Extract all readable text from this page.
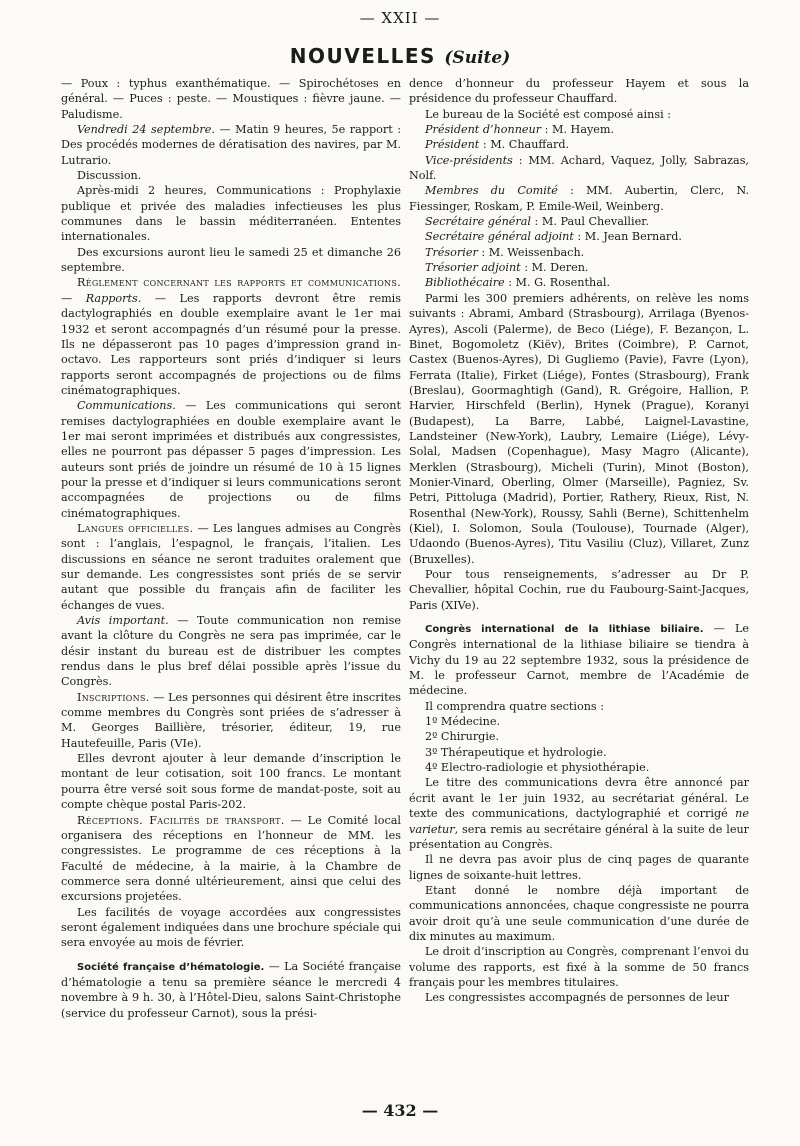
— XXII —
NOUVELLES (Suite)

— Poux : typhus exanthématique. — Spirochétoses en général. — Puces : peste. — Moustiques : fièvre jaune. — Paludisme.

Vendredi 24 septembre. — Matin 9 heures, 5e rapport : Des procédés modernes de dératisation des navires, par M. Lutrario.

Discussion.

Après-midi 2 heures, Communications : Prophylaxie publique et privée des maladies infectieuses les plus communes dans le bassin méditerranéen. Ententes internationales.

Des excursions auront lieu le samedi 25 et dimanche 26 septembre.

Règlement concernant les rapports et communications. — Rapports. — Les rapports devront être remis dactylographiés en double exemplaire avant le 1er mai 1932 et seront accompagnés d’un résumé pour la presse. Ils ne dépasseront pas 10 pages d’impression grand in-octavo. Les rapporteurs sont priés d’indiquer si leurs rapports seront accompagnés de projections ou de films cinématographiques.

Communications. — Les communications qui seront remises dactylographiées en double exemplaire avant le 1er mai seront imprimées et distribués aux congressistes, elles ne pourront pas dépasser 5 pages d’impression. Les auteurs sont priés de joindre un résumé de 10 à 15 lignes pour la presse et d’indiquer si leurs communications seront accompagnées de projections ou de films cinématographiques.

Langues officielles. — Les langues admises au Congrès sont : l’anglais, l’espagnol, le français, l’italien. Les discussions en séance ne seront traduites oralement que sur demande. Les congressistes sont priés de se servir autant que possible du français afin de faciliter les échanges de vues.

Avis important. — Toute communication non remise avant la clôture du Congrès ne sera pas imprimée, car le désir instant du bureau est de distribuer les comptes rendus dans le plus bref délai possible après l’issue du Congrès.

Inscriptions. — Les personnes qui désirent être inscrites comme membres du Congrès sont priées de s’adresser à M. Georges Baillière, trésorier, éditeur, 19, rue Hautefeuille, Paris (VIe).

Elles devront ajouter à leur demande d’inscription le montant de leur cotisation, soit 100 francs. Le montant pourra être versé soit sous forme de mandat-poste, soit au compte chèque postal Paris-202.

Réceptions. Facilités de transport. — Le Comité local organisera des réceptions en l’honneur de MM. les congressistes. Le programme de ces réceptions à la Faculté de médecine, à la mairie, à la Chambre de commerce sera donné ultérieurement, ainsi que celui des excursions projetées.

Les facilités de voyage accordées aux congressistes seront également indiquées dans une brochure spéciale qui sera envoyée au mois de février.

Société française d’hématologie. — La Société française d’hématologie a tenu sa première séance le mercredi 4 novembre à 9 h. 30, à l’Hôtel-Dieu, salons Saint-Christophe (service du professeur Carnot), sous la prési-

dence d’honneur du professeur Hayem et sous la présidence du professeur Chauffard.

Le bureau de la Société est composé ainsi :

Président d’honneur : M. Hayem.

Président : M. Chauffard.

Vice-présidents : MM. Achard, Vaquez, Jolly, Sabrazas, Nolf.

Membres du Comité : MM. Aubertin, Clerc, N. Fiessinger, Roskam, P. Emile-Weil, Weinberg.

Secrétaire général : M. Paul Chevallier.

Secrétaire général adjoint : M. Jean Bernard.

Trésorier : M. Weissenbach.

Trésorier adjoint : M. Deren.

Bibliothécaire : M. G. Rosenthal.

Parmi les 300 premiers adhérents, on relève les noms suivants : Abrami, Ambard (Strasbourg), Arrilaga (Byenos-Ayres), Ascoli (Palerme), de Beco (Liége), F. Bezançon, L. Binet, Bogomoletz (Kiëv), Brites (Coimbre), P. Carnot, Castex (Buenos-Ayres), Di Gugliemo (Pavie), Favre (Lyon), Ferrata (Italie), Firket (Liége), Fontes (Strasbourg), Frank (Breslau), Goormaghtigh (Gand), R. Grégoire, Hallion, P. Harvier, Hirschfeld (Berlin), Hynek (Prague), Koranyi (Budapest), La Barre, Labbé, Laignel-Lavastine, Landsteiner (New-York), Laubry, Lemaire (Liége), Lévy-Solal, Madsen (Copenhague), Masy Magro (Alicante), Merklen (Strasbourg), Micheli (Turin), Minot (Boston), Monier-Vinard, Oberling, Olmer (Marseille), Pagniez, Sv. Petri, Pittoluga (Madrid), Portier, Rathery, Rieux, Rist, N. Rosenthal (New-York), Roussy, Sahli (Berne), Schittenhelm (Kiel), I. Solomon, Soula (Toulouse), Tournade (Alger), Udaondo (Buenos-Ayres), Titu Vasiliu (Cluz), Villaret, Zunz (Bruxelles).

Pour tous renseignements, s’adresser au Dr P. Chevallier, hôpital Cochin, rue du Faubourg-Saint-Jacques, Paris (XIVe).

Congrès international de la lithiase biliaire. — Le Congrès international de la lithiase biliaire se tiendra à Vichy du 19 au 22 septembre 1932, sous la présidence de M. le professeur Carnot, membre de l’Académie de médecine.

Il comprendra quatre sections :

1º Médecine.

2º Chirurgie.

3º Thérapeutique et hydrologie.

4º Electro-radiologie et physiothérapie.

Le titre des communications devra être annoncé par écrit avant le 1er juin 1932, au secrétariat général. Le texte des communications, dactylographié et corrigé ne varietur, sera remis au secrétaire général à la suite de leur présentation au Congrès.

Il ne devra pas avoir plus de cinq pages de quarante lignes de soixante-huit lettres.

Etant donné le nombre déjà important de communications annoncées, chaque congressiste ne pourra avoir droit qu’à une seule communication d’une durée de dix minutes au maximum.

Le droit d’inscription au Congrès, comprenant l’envoi du volume des rapports, est fixé à la somme de 50 francs français pour les membres titulaires.

Les congressistes accompagnés de personnes de leur

— 432 —
